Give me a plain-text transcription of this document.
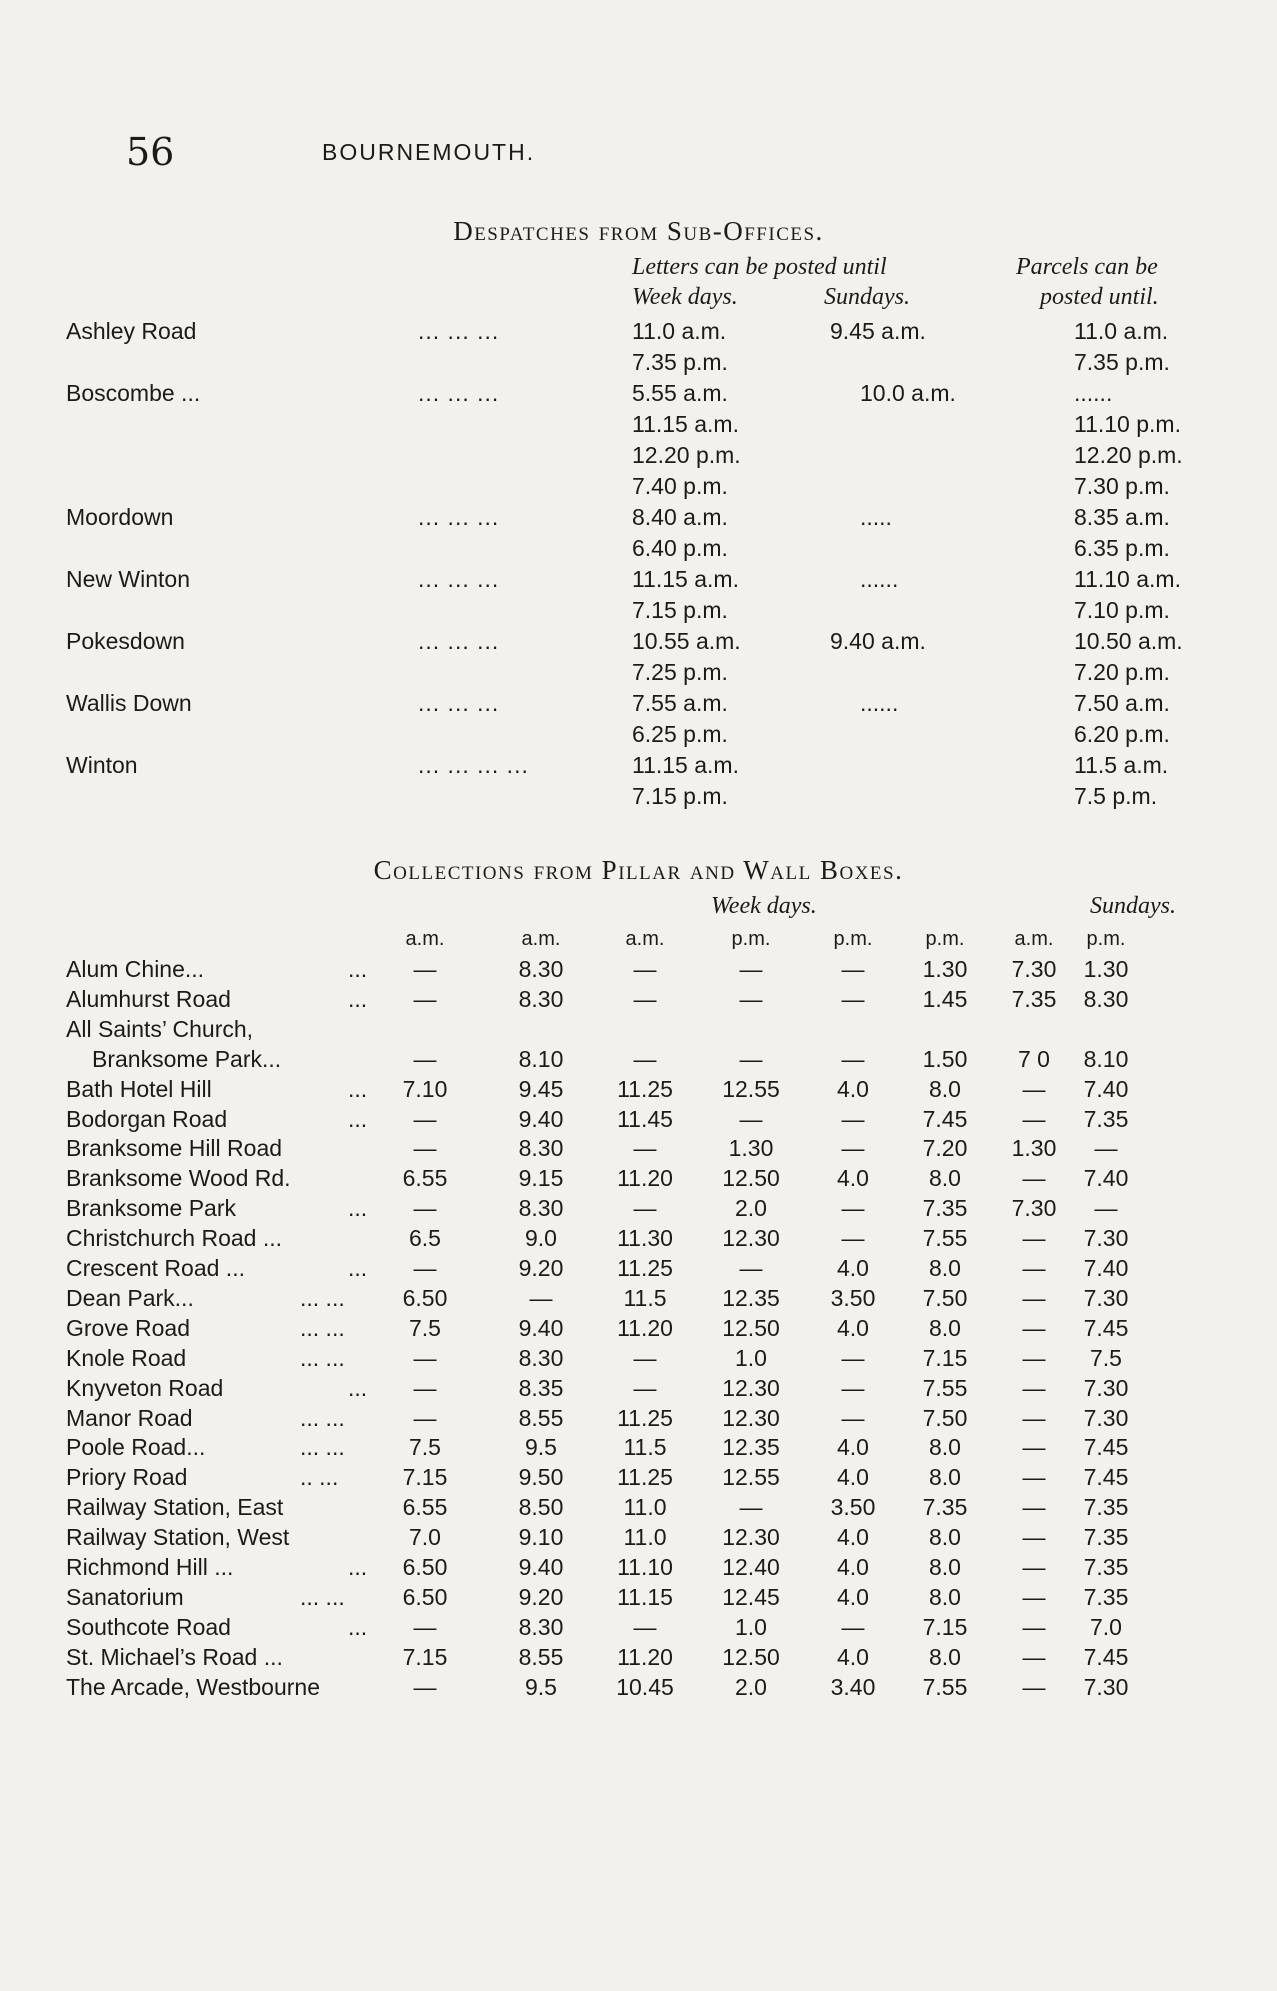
56	BOURNEMOUTH.
Despatches from Sub-Offices.
Letters can be posted until
Week days.	Sundays.
Parcels can be
posted until.
Ashley Road	... ... ...	11.0 a.m.	9.45 a.m.	11.0 a.m.
7.35 p.m.	7.35 p.m.
Boscombe ...	... ... ...	5.55 a.m.	10.0 a.m.	......
11.15 a.m.	11.10 p.m.
12.20 p.m.	12.20 p.m.
7.40 p.m.	7.30 p.m.
Moordown	... ... ...	8.40 a.m.	.....	8.35 a.m.
6.40 p.m.	6.35 p.m.
New Winton	... ... ...	11.15 a.m.	......	11.10 a.m.
7.15 p.m.	7.10 p.m.
Pokesdown	... ... ...	10.55 a.m.	9.40 a.m.	10.50 a.m.
7.25 p.m.	7.20 p.m.
Wallis Down	... ... ...	7.55 a.m.	......	7.50 a.m.
6.25 p.m.	6.20 p.m.
Winton	... ... ... ...	11.15 a.m.	11.5 a.m.
7.15 p.m.	7.5 p.m.
Collections from Pillar and Wall Boxes.
Week days.	Sundays.
a.m.	a.m.	a.m.	p.m.	p.m.	p.m.	a.m.	p.m.
Alum Chine...	...	—	8.30	—	—	—	1.30	7.30	1.30
Alumhurst Road	...	—	8.30	—	—	—	1.45	7.35	8.30
All Saints’ Church,
Branksome Park...	—	8.10	—	—	—	1.50	7 0	8.10
Bath Hotel Hill	...	7.10	9.45	11.25	12.55	4.0	8.0	—	7.40
Bodorgan Road	...	—	9.40	11.45	—	—	7.45	—	7.35
Branksome Hill Road	—	8.30	—	1.30	—	7.20	1.30	—
Branksome Wood Rd.	6.55	9.15	11.20	12.50	4.0	8.0	—	7.40
Branksome Park	...	—	8.30	—	2.0	—	7.35	7.30	—
Christchurch Road ...	6.5	9.0	11.30	12.30	—	7.55	—	7.30
Crescent Road ...	...	—	9.20	11.25	—	4.0	8.0	—	7.40
Dean Park...	... ...	6.50	—	11.5	12.35	3.50	7.50	—	7.30
Grove Road	... ...	7.5	9.40	11.20	12.50	4.0	8.0	—	7.45
Knole Road	... ...	—	8.30	—	1.0	—	7.15	—	7.5
Knyveton Road	...	—	8.35	—	12.30	—	7.55	—	7.30
Manor Road	... ...	—	8.55	11.25	12.30	—	7.50	—	7.30
Poole Road...	... ...	7.5	9.5	11.5	12.35	4.0	8.0	—	7.45
Priory Road	.. ...	7.15	9.50	11.25	12.55	4.0	8.0	—	7.45
Railway Station, East	6.55	8.50	11.0	—	3.50	7.35	—	7.35
Railway Station, West	7.0	9.10	11.0	12.30	4.0	8.0	—	7.35
Richmond Hill ...	...	6.50	9.40	11.10	12.40	4.0	8.0	—	7.35
Sanatorium	... ...	6.50	9.20	11.15	12.45	4.0	8.0	—	7.35
Southcote Road	...	—	8.30	—	1.0	—	7.15	—	7.0
St. Michael’s Road ...	7.15	8.55	11.20	12.50	4.0	8.0	—	7.45
The Arcade, Westbourne	—	9.5	10.45	2.0	3.40	7.55	—	7.30
